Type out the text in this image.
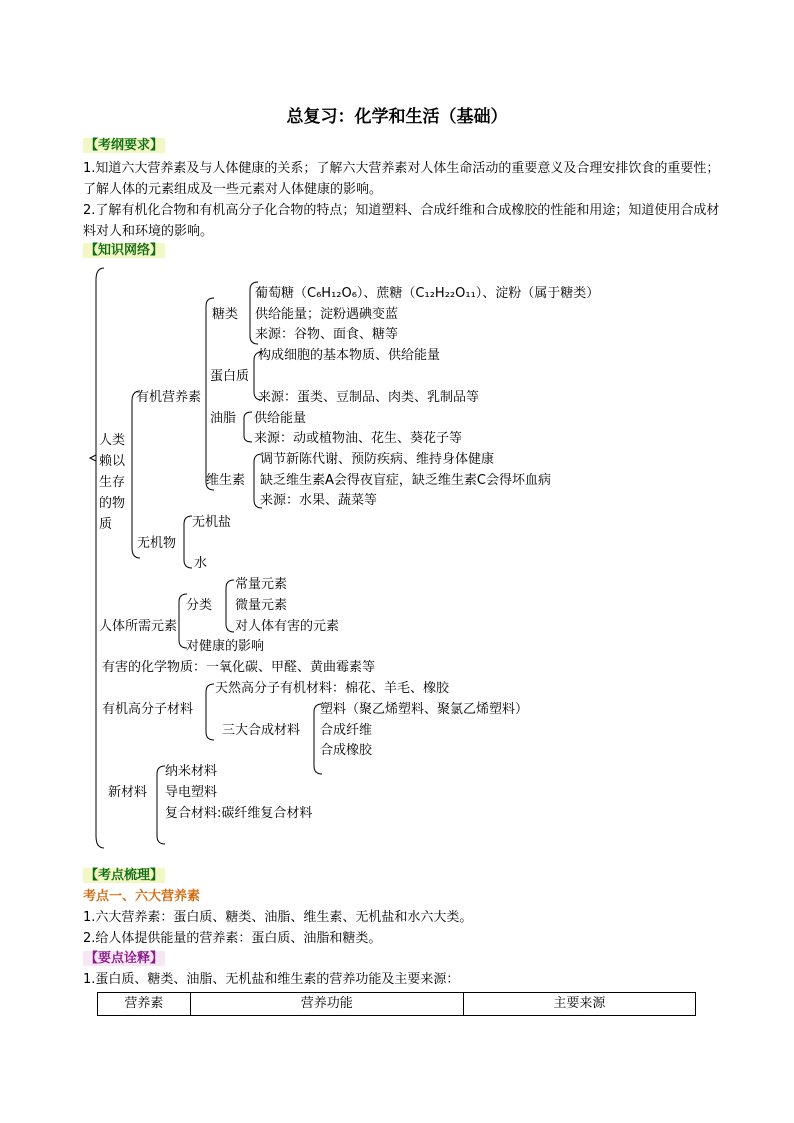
总复习：化学和生活（基础）
【考纲要求】
1.知道六大营养素及与人体健康的关系；了解六大营养素对人体生命活动的重要意义及合理安排饮食的重要性；了解人体的元素组成及一些元素对人体健康的影响。
2.了解有机化合物和有机高分子化合物的特点；知道塑料、合成纤维和合成橡胶的性能和用途；知道使用合成材料对人和环境的影响。
【知识网络】
人类
赖以
生存
的物
质
有机营养素
糖类
葡萄糖（C₆H₁₂O₆）、蔗糖（C₁₂H₂₂O₁₁）、淀粉（属于糖类）
供给能量；淀粉遇碘变蓝
来源：谷物、面食、糖等
蛋白质
构成细胞的基本物质、供给能量
来源：蛋类、豆制品、肉类、乳制品等
油脂 供给能量
来源：动或植物油、花生、葵花子等
维生素
调节新陈代谢、预防疾病、维持身体健康
缺乏维生素A会得夜盲症，缺乏维生素C会得坏血病
来源：水果、蔬菜等
无机物
无机盐
水
人体所需元素
分类
常量元素
微量元素
对人体有害的元素
对健康的影响
有害的化学物质：一氧化碳、甲醛、黄曲霉素等
有机高分子材料
天然高分子有机材料：棉花、羊毛、橡胶
三大合成材料
塑料（聚乙烯塑料、聚氯乙烯塑料）
合成纤维
合成橡胶
新材料
纳米材料
导电塑料
复合材料:碳纤维复合材料
【考点梳理】
考点一、六大营养素
1.六大营养素：蛋白质、糖类、油脂、维生素、无机盐和水六大类。
2.给人体提供能量的营养素：蛋白质、油脂和糖类。
【要点诠释】
1.蛋白质、糖类、油脂、无机盐和维生素的营养功能及主要来源：
营养素	营养功能	主要来源
